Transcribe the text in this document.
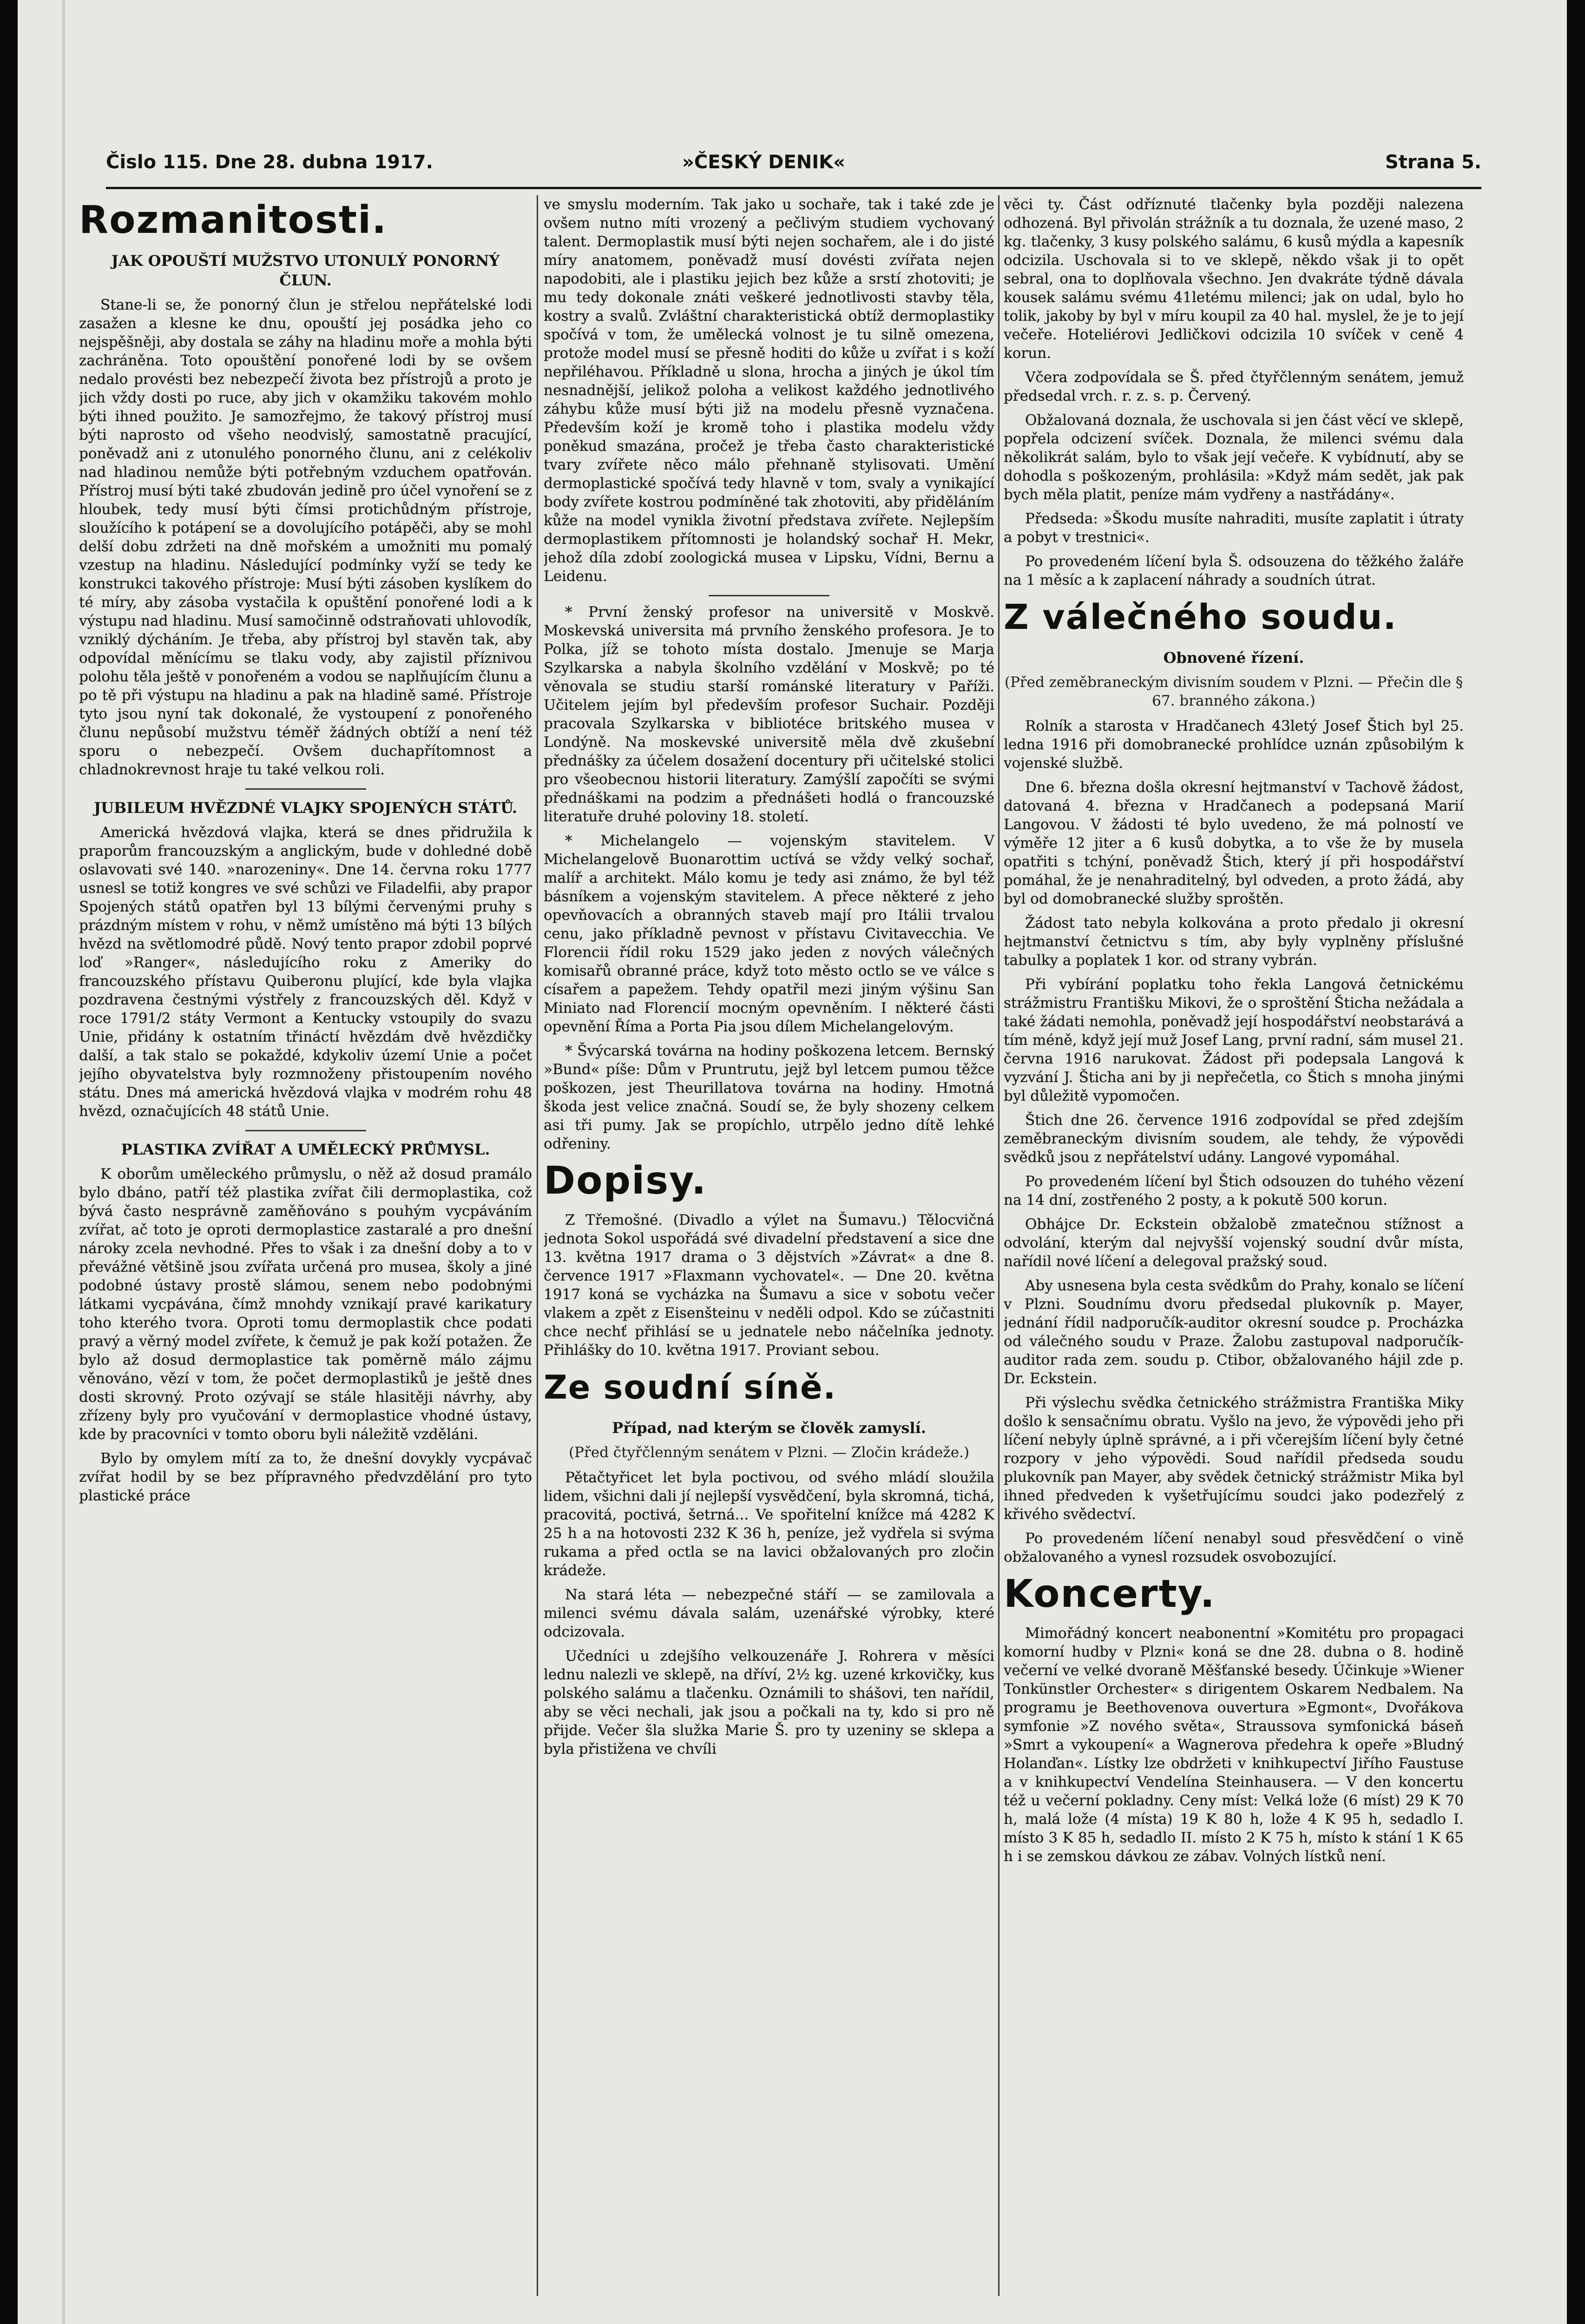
Čislo 115. Dne 28. dubna 1917.	»ČESKÝ DENIK«	Strana 5.
Rozmanitosti.
JAK OPOUŠTÍ MUŽSTVO UTONULÝ PONORNÝ ČLUN.

Stane-li se, že ponorný člun je střelou nepřátelské lodi zasažen a klesne ke dnu, opouští jej posádka jeho co nejspěšněji, aby dostala se záhy na hladinu moře a mohla býti zachráněna. Toto opouštění ponořené lodi by se ovšem nedalo provésti bez nebezpečí života bez přístrojů a proto je jich vždy dosti po ruce, aby jich v okamžiku takovém mohlo býti ihned použito. Je samozřejmo, že takový přístroj musí býti naprosto od všeho neodvislý, samostatně pracující, poněvadž ani z utonulého ponorného člunu, ani z celékoliv nad hladinou nemůže býti potřebným vzduchem opatřován. Přístroj musí býti také zbudován jedině pro účel vynoření se z hloubek, tedy musí býti čímsi protichůdným přístroje, sloužícího k potápení se a dovolujícího potápěči, aby se mohl delší dobu zdržeti na dně mořském a umožniti mu pomalý vzestup na hladinu. Následující podmínky vyží se tedy ke konstrukci takového přístroje: Musí býti zásoben kyslíkem do té míry, aby zásoba vystačila k opuštění ponořené lodi a k výstupu nad hladinu. Musí samočinně odstraňovati uhlovodík, vzniklý dýcháním. Je třeba, aby přístroj byl stavěn tak, aby odpovídal měnícímu se tlaku vody, aby zajistil příznivou polohu těla ještě v ponořeném a vodou se naplňujícím člunu a po tě při výstupu na hladinu a pak na hladině samé. Přístroje tyto jsou nyní tak dokonalé, že vystoupení z ponořeného člunu nepůsobí mužstvu téměř žádných obtíží a není též sporu o nebezpečí. Ovšem duchapřítomnost a chladnokrevnost hraje tu také velkou roli.

JUBILEUM HVĚZDNÉ VLAJKY SPOJENÝCH STÁTŮ.

Americká hvězdová vlajka, která se dnes přidružila k praporům francouzským a anglickým, bude v dohledné době oslavovati své 140. »narozeniny«. Dne 14. června roku 1777 usnesl se totiž kongres ve své schůzi ve Filadelfii, aby prapor Spojených států opatřen byl 13 bílými červenými pruhy s prázdným místem v rohu, v němž umístěno má býti 13 bílých hvězd na světlomodré půdě. Nový tento prapor zdobil poprvé loď »Ranger«, následujícího roku z Ameriky do francouzského přístavu Quiberonu plující, kde byla vlajka pozdravena čestnými výstřely z francouzských děl. Když v roce 1791/2 státy Vermont a Kentucky vstoupily do svazu Unie, přidány k ostatním třináctí hvězdám dvě hvězdičky další, a tak stalo se pokaždé, kdykoliv území Unie a počet jejího obyvatelstva byly rozmnoženy přistoupením nového státu. Dnes má americká hvězdová vlajka v modrém rohu 48 hvězd, označujících 48 států Unie.

PLASTIKA ZVÍŘAT A UMĚLECKÝ PRŮMYSL.

K oborům uměleckého průmyslu, o něž až dosud pramálo bylo dbáno, patří též plastika zvířat čili dermoplastika, což bývá často nesprávně zaměňováno s pouhým vycpáváním zvířat, ač toto je oproti dermoplastice zastaralé a pro dnešní nároky zcela nevhodné. Přes to však i za dnešní doby a to v převážné většině jsou zvířata určená pro musea, školy a jiné podobné ústavy prostě slámou, senem nebo podobnými látkami vycpávána, čímž mnohdy vznikají pravé karikatury toho kterého tvora. Oproti tomu dermoplastik chce podati pravý a věrný model zvířete, k čemuž je pak koží potažen. Že bylo až dosud dermoplastice tak poměrně málo zájmu věnováno, vězí v tom, že počet dermoplastiků je ještě dnes dosti skrovný. Proto ozývají se stále hlasitěji návrhy, aby zřízeny byly pro vyučování v dermoplastice vhodné ústavy, kde by pracovníci v tomto oboru byli náležitě vzděláni.

Bylo by omylem mítí za to, že dnešní dovykly vycpávač zvířat hodil by se bez přípravného předvzdělání pro tyto plastické práce

ve smyslu moderním. Tak jako u sochaře, tak i také zde je ovšem nutno míti vrozený a pečlivým studiem vychovaný talent. Dermoplastik musí býti nejen sochařem, ale i do jisté míry anatomem, poněvadž musí dovésti zvířata nejen napodobiti, ale i plastiku jejich bez kůže a srstí zhotoviti; je mu tedy dokonale znáti veškeré jednotlivosti stavby těla, kostry a svalů. Zvláštní charakteristická obtíž dermoplastiky spočívá v tom, že umělecká volnost je tu silně omezena, protože model musí se přesně hoditi do kůže u zvířat i s koží nepřiléhavou. Příkladně u slona, hrocha a jiných je úkol tím nesnadnější, jelikož poloha a velikost každého jednotlivého záhybu kůže musí býti již na modelu přesně vyznačena. Především koží je kromě toho i plastika modelu vždy poněkud smazána, pročež je třeba často charakteristické tvary zvířete něco málo přehnaně stylisovati. Umění dermoplastické spočívá tedy hlavně v tom, svaly a vynikající body zvířete kostrou podmíněné tak zhotoviti, aby přiděláním kůže na model vynikla životní představa zvířete. Nejlepším dermoplastikem přítomnosti je holandský sochař H. Mekr, jehož díla zdobí zoologická musea v Lipsku, Vídni, Bernu a Leidenu.

* První ženský profesor na universitě v Moskvě. Moskevská universita má prvního ženského profesora. Je to Polka, jíž se tohoto místa dostalo. Jmenuje se Marja Szylkarska a nabyla školního vzdělání v Moskvě; po té věnovala se studiu starší románské literatury v Paříži. Učitelem jejím byl především profesor Suchair. Později pracovala Szylkarska v bibliotéce britského musea v Londýně. Na moskevské universitě měla dvě zkušební přednášky za účelem dosažení docentury při učitelské stolici pro všeobecnou historii literatury. Zamýšlí započíti se svými přednáškami na podzim a přednášeti hodlá o francouzské literatuře druhé poloviny 18. století.

* Michelangelo — vojenským stavitelem. V Michelangelově Buonarottim uctívá se vždy velký sochař, malíř a architekt. Málo komu je tedy asi známo, že byl též básníkem a vojenským stavitelem. A přece některé z jeho opevňovacích a obranných staveb mají pro Itálii trvalou cenu, jako příkladně pevnost v přístavu Civitavecchia. Ve Florencii řídil roku 1529 jako jeden z nových válečných komisařů obranné práce, když toto město octlo se ve válce s císařem a papežem. Tehdy opatřil mezi jiným výšinu San Miniato nad Florencií mocným opevněním. I některé části opevnění Říma a Porta Pia jsou dílem Michelangelovým.

* Švýcarská továrna na hodiny poškozena letcem. Bernský »Bund« píše: Dům v Pruntrutu, jejž byl letcem pumou těžce poškozen, jest Theurillatova továrna na hodiny. Hmotná škoda jest velice značná. Soudí se, že byly shozeny celkem asi tři pumy. Jak se propíchlo, utrpělo jedno dítě lehké odřeniny.

Dopisy.

Z Třemošné. (Divadlo a výlet na Šumavu.) Tělocvičná jednota Sokol uspořádá své divadelní představení a sice dne 13. května 1917 drama o 3 dějstvích »Závrat« a dne 8. července 1917 »Flaxmann vychovatel«. — Dne 20. května 1917 koná se vycházka na Šumavu a sice v sobotu večer vlakem a zpět z Eisenšteinu v neděli odpol. Kdo se zúčastniti chce nechť přihlásí se u jednatele nebo náčelníka jednoty. Přihlášky do 10. května 1917. Proviant sebou.

Ze soudní síně.
Případ, nad kterým se člověk zamyslí.
(Před čtyřčlenným senátem v Plzni. — Zločin krádeže.)

Pětačtyřicet let byla poctivou, od svého mládí sloužila lidem, všichni dali jí nejlepší vysvědčení, byla skromná, tichá, pracovitá, poctivá, šetrná... Ve spořitelní knížce má 4282 K 25 h a na hotovosti 232 K 36 h, peníze, jež vydřela si svýma rukama a před octla se na lavici obžalovaných pro zločin krádeže.

Na stará léta — nebezpečné stáří — se zamilovala a milenci svému dávala salám, uzenářské výrobky, které odcizovala.

Učedníci u zdejšího velkouzenáře J. Rohrera v měsíci lednu nalezli ve sklepě, na dříví, 2½ kg. uzené krkovičky, kus polského salámu a tlačenku. Oznámili to shášovi, ten nařídil, aby se věci nechali, jak jsou a počkali na ty, kdo si pro ně přijde. Večer šla služka Marie Š. pro ty uzeniny se sklepa a byla přistižena ve chvíli

věci ty. Část odříznuté tlačenky byla později nalezena odhozená. Byl přivolán strážník a tu doznala, že uzené maso, 2 kg. tlačenky, 3 kusy polského salámu, 6 kusů mýdla a kapesník odcizila. Uschovala si to ve sklepě, někdo však ji to opět sebral, ona to doplňovala všechno. Jen dvakráte týdně dávala kousek salámu svému 41letému milenci; jak on udal, bylo ho tolik, jakoby by byl v míru koupil za 40 hal. myslel, že je to její večeře. Hoteliérovi Jedličkovi odcizila 10 svíček v ceně 4 korun.

Včera zodpovídala se Š. před čtyřčlenným senátem, jemuž předsedal vrch. r. z. s. p. Červený.

Obžalovaná doznala, že uschovala si jen část věcí ve sklepě, popřela odcizení svíček. Doznala, že milenci svému dala několikrát salám, bylo to však její večeře. K vybídnutí, aby se dohodla s poškozeným, prohlásila: »Když mám sedět, jak pak bych měla platit, peníze mám vydřeny a nastřádány«.

Předseda: »Škodu musíte nahraditi, musíte zaplatit i útraty a pobyt v trestnici«.

Po provedeném líčení byla Š. odsouzena do těžkého žaláře na 1 měsíc a k zaplacení náhrady a soudních útrat.

Z válečného soudu.
Obnovené řízení.
(Před zeměbraneckým divisním soudem v Plzni. — Přečin dle § 67. branného zákona.)

Rolník a starosta v Hradčanech 43letý Josef Štich byl 25. ledna 1916 při domobranecké prohlídce uznán způsobilým k vojenské službě.

Dne 6. března došla okresní hejtmanství v Tachově žádost, datovaná 4. března v Hradčanech a podepsaná Marií Langovou. V žádosti té bylo uvedeno, že má polností ve výměře 12 jiter a 6 kusů dobytka, a to vše že by musela opatřiti s tchýní, poněvadž Štich, který jí při hospodářství pomáhal, že je nenahraditelný, byl odveden, a proto žádá, aby byl od domobranecké služby sproštěn.

Žádost tato nebyla kolkována a proto předalo ji okresní hejtmanství četnictvu s tím, aby byly vyplněny příslušné tabulky a poplatek 1 kor. od strany vybrán.

Při vybírání poplatku toho řekla Langová četnickému strážmistru Františku Mikovi, že o sproštění Šticha nežádala a také žádati nemohla, poněvadž její hospodářství neobstarává a tím méně, když její muž Josef Lang, první radní, sám musel 21. června 1916 narukovat. Žádost při podepsala Langová k vyzvání J. Šticha ani by ji nepřečetla, co Štich s mnoha jinými byl důležitě vypomočen.

Štich dne 26. července 1916 zodpovídal se před zdejším zeměbraneckým divisním soudem, ale tehdy, že výpovědi svědků jsou z nepřátelství udány. Langové vypomáhal.

Po provedeném líčení byl Štich odsouzen do tuhého vězení na 14 dní, zostřeného 2 posty, a k pokutě 500 korun.

Obhájce Dr. Eckstein obžalobě zmatečnou stížnost a odvolání, kterým dal nejvyšší vojenský soudní dvůr místa, nařídil nové líčení a delegoval pražský soud.

Aby usnesena byla cesta svědkům do Prahy, konalo se líčení v Plzni. Soudnímu dvoru předsedal plukovník p. Mayer, jednání řídil nadporučík-auditor okresní soudce p. Procházka od válečného soudu v Praze. Žalobu zastupoval nadporučík-auditor rada zem. soudu p. Ctibor, obžalovaného hájil zde p. Dr. Eckstein.

Při výslechu svědka četnického strážmistra Františka Miky došlo k sensačnímu obratu. Vyšlo na jevo, že výpovědi jeho při líčení nebyly úplně správné, a i při včerejším líčení byly četné rozpory v jeho výpovědi. Soud nařídil předseda soudu plukovník pan Mayer, aby svědek četnický strážmistr Mika byl ihned předveden k vyšetřujícímu soudci jako podezřelý z křivého svědectví.

Po provedeném líčení nenabyl soud přesvědčení o vině obžalovaného a vynesl rozsudek osvobozující.

Koncerty.

Mimořádný koncert neabonentní »Komitétu pro propagaci komorní hudby v Plzni« koná se dne 28. dubna o 8. hodině večerní ve velké dvoraně Měšťanské besedy. Účinkuje »Wiener Tonkünstler Orchester« s dirigentem Oskarem Nedbalem. Na programu je Beethovenova ouvertura »Egmont«, Dvořákova symfonie »Z nového světa«, Straussova symfonická báseň »Smrt a vykoupení« a Wagnerova předehra k opeře »Bludný Holanďan«. Lístky lze obdržeti v knihkupectví Jiřího Faustuse a v knihkupectví Vendelína Steinhausera. — V den koncertu též u večerní pokladny. Ceny míst: Velká lože (6 míst) 29 K 70 h, malá lože (4 místa) 19 K 80 h, lože 4 K 95 h, sedadlo I. místo 3 K 85 h, sedadlo II. místo 2 K 75 h, místo k stání 1 K 65 h i se zemskou dávkou ze zábav. Volných lístků není.
